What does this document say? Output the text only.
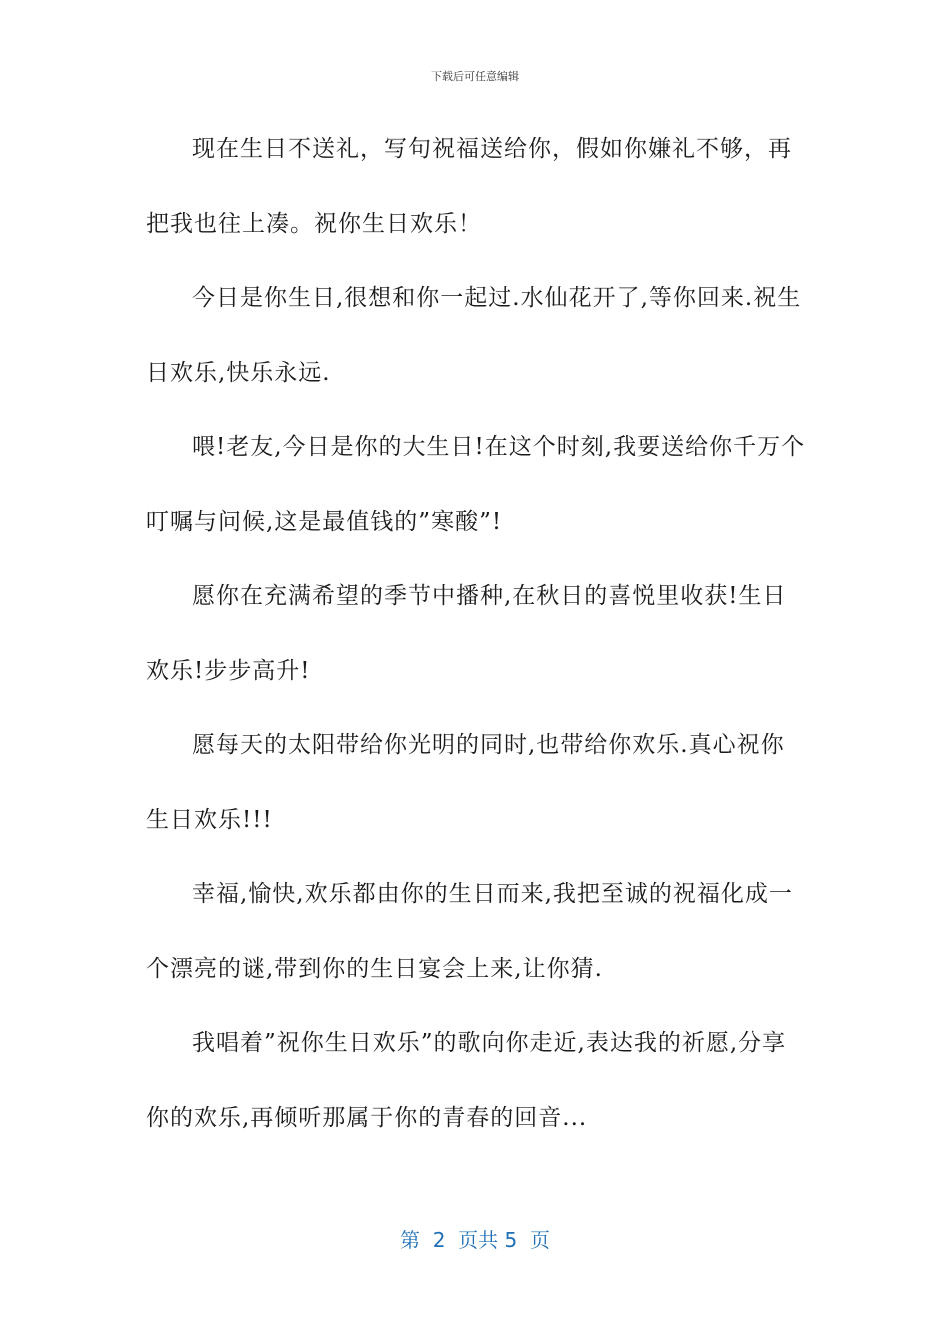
下载后可任意编辑

现在生日不送礼，写句祝福送给你，假如你嫌礼不够，再把我也往上凑。祝你生日欢乐！

今日是你生日,很想和你一起过.水仙花开了,等你回来.祝生日欢乐,快乐永远.

喂!老友,今日是你的大生日!在这个时刻,我要送给你千万个叮嘱与问候,这是最值钱的”寒酸”!

愿你在充满希望的季节中播种,在秋日的喜悦里收获!生日欢乐!步步高升!

愿每天的太阳带给你光明的同时,也带给你欢乐.真心祝你生日欢乐!!!

幸福,愉快,欢乐都由你的生日而来,我把至诚的祝福化成一个漂亮的谜,带到你的生日宴会上来,让你猜.

我唱着”祝你生日欢乐”的歌向你走近,表达我的祈愿,分享你的欢乐,再倾听那属于你的青春的回音...

第  2  页共 5  页
